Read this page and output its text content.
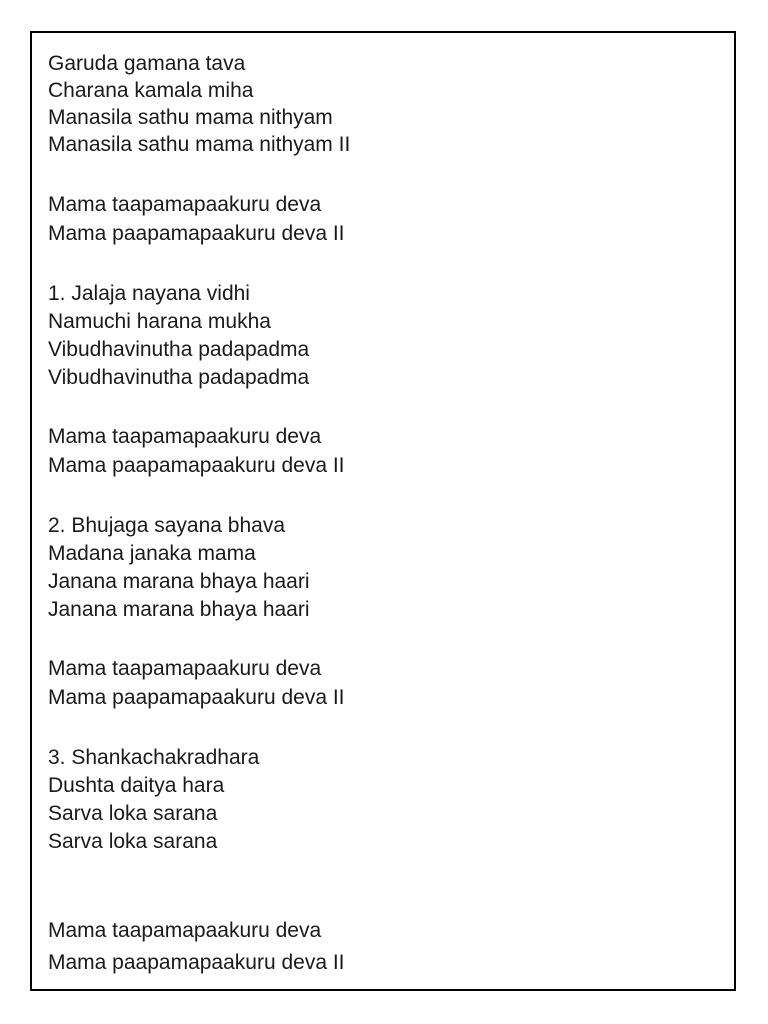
Garuda gamana tava

Charana kamala miha

Manasila sathu mama nithyam

Manasila sathu mama nithyam II

Mama taapamapaakuru deva

Mama paapamapaakuru deva II

1. Jalaja nayana vidhi

Namuchi harana mukha

Vibudhavinutha padapadma

Vibudhavinutha padapadma

Mama taapamapaakuru deva

Mama paapamapaakuru deva II

2. Bhujaga sayana bhava

Madana janaka mama

Janana marana bhaya haari

Janana marana bhaya haari

Mama taapamapaakuru deva

Mama paapamapaakuru deva II

3. Shankachakradhara

Dushta daitya hara

Sarva loka sarana

Sarva loka sarana

Mama taapamapaakuru deva

Mama paapamapaakuru deva II
